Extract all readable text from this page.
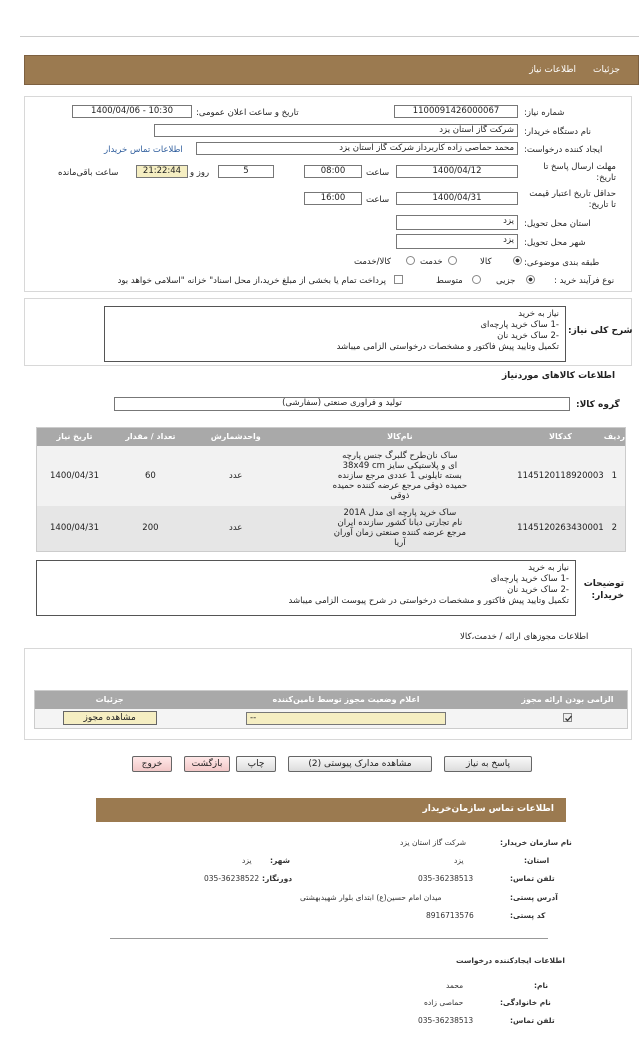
جزئیات
اطلاعات نیاز
شماره نیاز:
1100091426000067
تاریخ و ساعت اعلان عمومی:
1400/04/06 - 10:30
نام دستگاه خریدار:
شرکت گاز استان یزد
ایجاد کننده درخواست:
محمد حماصی زاده کاربرداز شرکت گاز استان یزد
اطلاعات تماس خریدار
مهلت ارسال پاسخ تا تاریخ:
1400/04/12
ساعت
08:00
5
روز و
21:22:44
ساعت باقی‌مانده
حداقل تاریخ اعتبار قیمت تا تاریخ:
1400/04/31
ساعت
16:00
استان محل تحویل:
یزد
شهر محل تحویل:
یزد
طبقه بندی موضوعی:
کالا
خدمت
کالا/خدمت
نوع فرآیند خرید :
جزیی
متوسط
پرداخت تمام یا بخشی از مبلغ خرید،از محل اسناد" خزانه "اسلامی خواهد بود
شرح کلی نیاز:
نیاز به خرید
-1 ساک خرید پارچه‌ای
-2 ساک خرید نان
تکمیل وتایید پیش فاکتور و مشخصات درخواستی الزامی میباشد
اطلاعات کالاهای موردنیاز
گروه کالا:
تولید و فرآوری صنعتی (سفارشی)
تاریخ نیاز	تعداد / مقدار	واحدشمارش	نام‌کالا	کدکالا	ردیف
1400/04/31	60	عدد	ساک نان‌طرح گلبرگ جنس پارچه
ای و پلاستیکی سایز 38x49 cm
بسته تایلونی 1 عددی مرجع سازنده
حمیده ذوقی مرجع عرضه کننده حمیده
ذوقی	1145120118920003	1
1400/04/31	200	عدد	ساک خرید پارچه ای مدل 201A
نام تجارتی دیانا کشور سازنده ایران
مرجع عرضه کننده صنعتی زمان آوران
آریا	1145120263430001	2
توضیحات خریدار:
نیاز به خرید
-1 ساک خرید پارچه‌ای
-2 ساک خرید نان
تکمیل وتایید پیش فاکتور و مشخصات درخواستی در شرح پیوست الزامی میباشد
اطلاعات مجوزهای ارائه / خدمت،کالا
جزئیات	اعلام وضعیت مجوز توسط تامین‌کننده	الزامی بودن ارائه مجوز

مشاهده مجوز	--

پاسخ به نیاز
مشاهده مدارک پیوستی (2)
چاپ
بازگشت
خروج
اطلاعات تماس سازمان‌خریدار
نام سازمان خریدار:
شرکت گاز استان یزد
استان:
یزد
شهر:
یزد
تلفن تماس:
035-36238513
دورنگار:
035-36238522
آدرس پستی:
میدان امام حسین(ع) ابتدای بلوار شهیدبهشتی
کد پستی:
8916713576
اطلاعات ایجادکننده درخواست
نام:
محمد
نام خانوادگی:
حماصی زاده
تلفن تماس:
035-36238513
